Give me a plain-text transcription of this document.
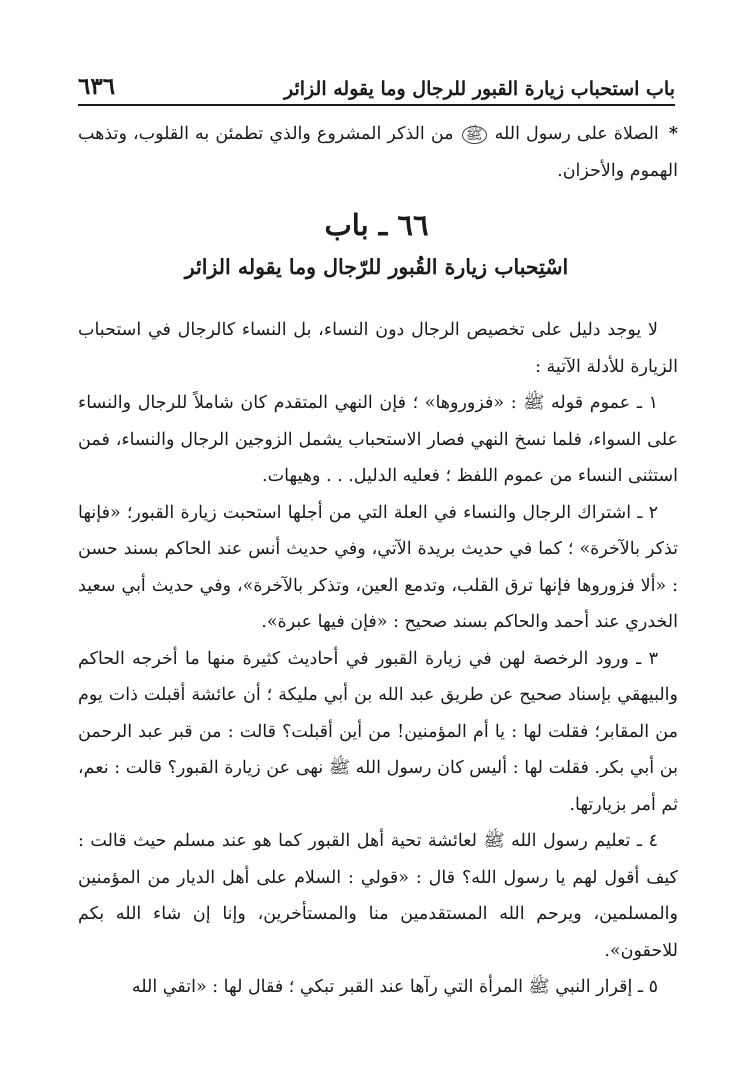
باب استحباب زيارة القبور للرجال وما يقوله الزائر
٦٣٦

* الصلاة على رسول الله ﷺ من الذكر المشروع والذي تطمئن به القلوب، وتذهب الهموم والأحزان.

٦٦ ـ باب
اسْتِحباب زيارة القُبور للرّجال وما يقوله الزائر

لا يوجد دليل على تخصيص الرجال دون النساء، بل النساء كالرجال في استحباب الزيارة للأدلة الآتية :

١ ـ عموم قوله ﷺ : «فزوروها» ؛ فإن النهي المتقدم كان شاملاً للرجال والنساء على السواء، فلما نسخ النهي فصار الاستحباب يشمل الزوجين الرجال والنساء، فمن استثنى النساء من عموم اللفظ ؛ فعليه الدليل. . . وهيهات.

٢ ـ اشتراك الرجال والنساء في العلة التي من أجلها استحبت زيارة القبور؛ «فإنها تذكر بالآخرة» ؛ كما في حديث بريدة الآتي، وفي حديث أنس عند الحاكم بسند حسن : «ألا فزوروها فإنها ترق القلب، وتدمع العين، وتذكر بالآخرة»، وفي حديث أبي سعيد الخدري عند أحمد والحاكم بسند صحيح : «فإن فيها عبرة».

٣ ـ ورود الرخصة لهن في زيارة القبور في أحاديث كثيرة منها ما أخرجه الحاكم والبيهقي بإسناد صحيح عن طريق عبد الله بن أبي مليكة ؛ أن عائشة أقبلت ذات يوم من المقابر؛ فقلت لها : يا أم المؤمنين! من أين أقبلت؟ قالت : من قبر عبد الرحمن بن أبي بكر. فقلت لها : أليس كان رسول الله ﷺ نهى عن زيارة القبور؟ قالت : نعم، ثم أمر بزيارتها.

٤ ـ تعليم رسول الله ﷺ لعائشة تحية أهل القبور كما هو عند مسلم حيث قالت : كيف أقول لهم يا رسول الله؟ قال : «قولي : السلام على أهل الديار من المؤمنين والمسلمين، ويرحم الله المستقدمين منا والمستأخرين، وإنا إن شاء الله بكم للاحقون».

٥ ـ إقرار النبي ﷺ المرأة التي رآها عند القبر تبكي ؛ فقال لها : «اتقي الله
